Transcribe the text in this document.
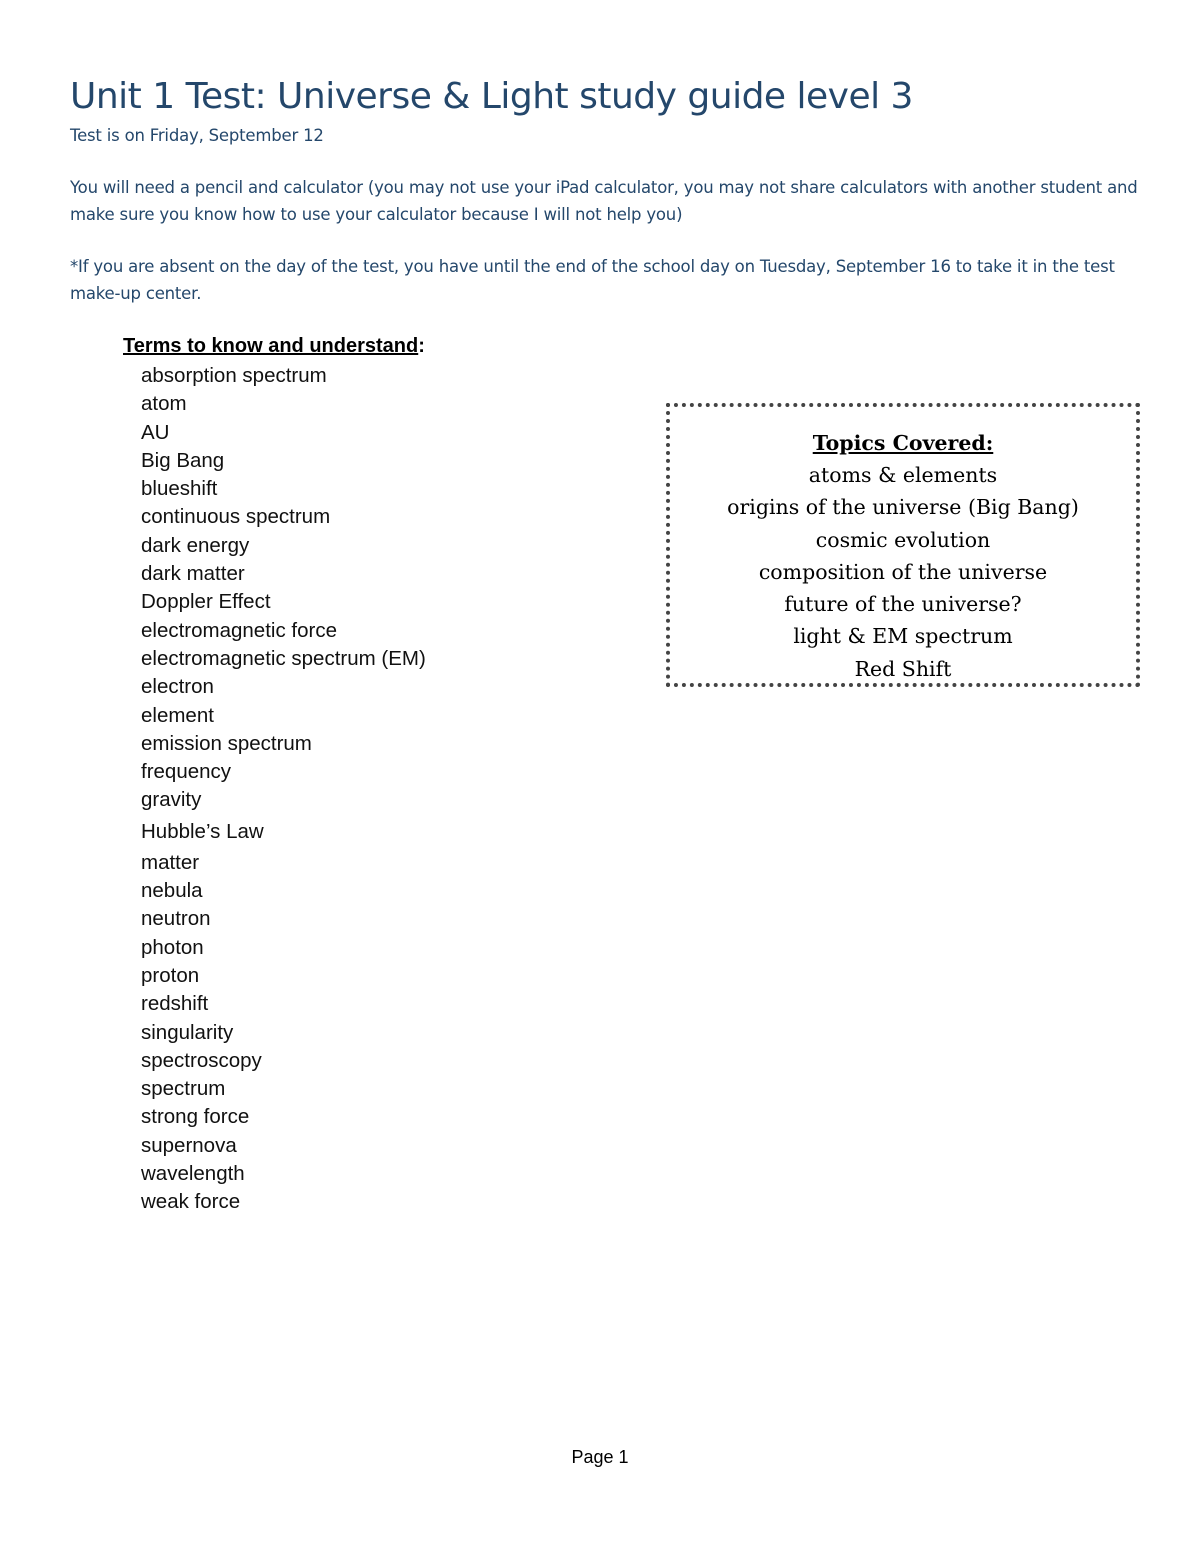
Unit 1 Test: Universe & Light study guide level 3

Test is on Friday, September 12

You will need a pencil and calculator (you may not use your iPad calculator, you may not share calculators with another student and make sure you know how to use your calculator because I will not help you)

*If you are absent on the day of the test, you have until the end of the school day on Tuesday, September 16 to take it in the test make-up center.

Terms to know and understand:
absorption spectrum
atom
AU
Big Bang
blueshift
continuous spectrum
dark energy
dark matter
Doppler Effect
electromagnetic force
electromagnetic spectrum (EM)
electron
element
emission spectrum
frequency
gravity
Hubble’s Law
matter
nebula
neutron
photon
proton
redshift
singularity
spectroscopy
spectrum
strong force
supernova
wavelength
weak force
Topics Covered:
atoms & elements
origins of the universe (Big Bang)
cosmic evolution
composition of the universe
future of the universe?
light & EM spectrum
Red Shift
Page 1
